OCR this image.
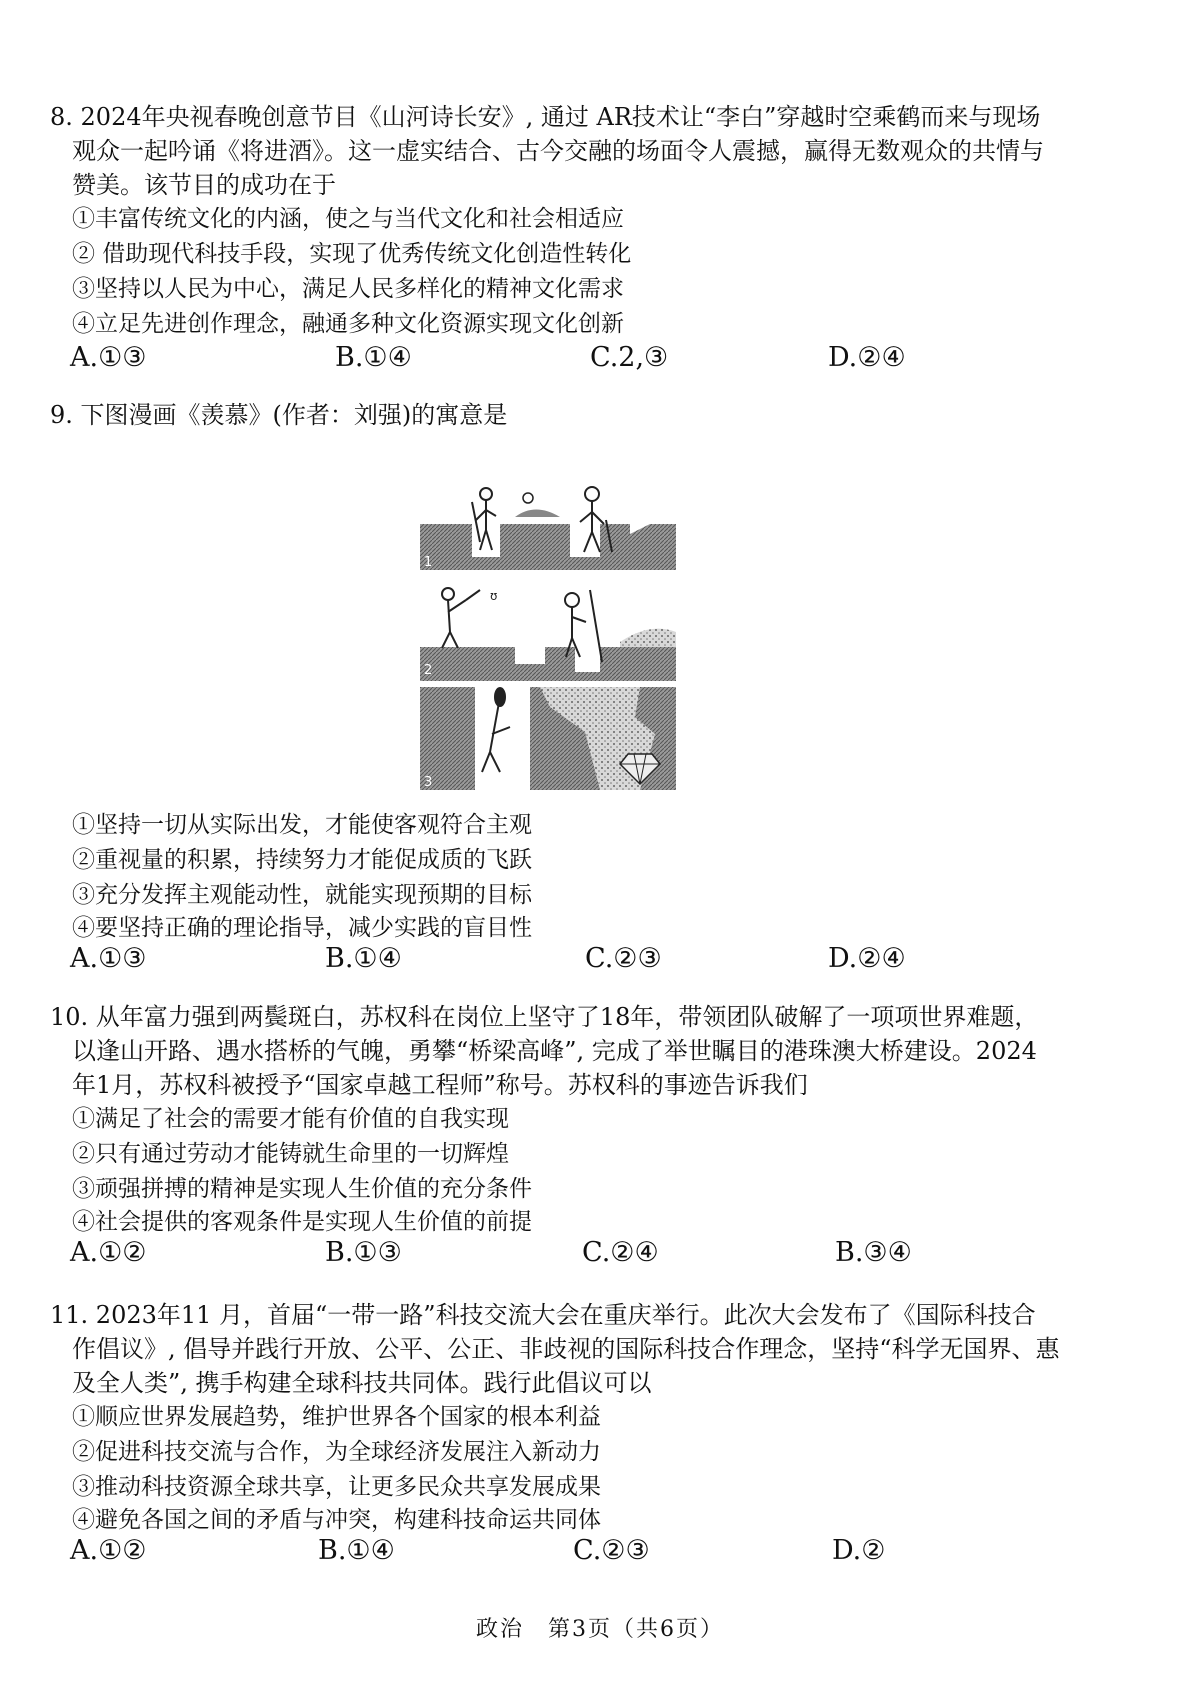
8. 2024年央视春晚创意节目《山河诗长安》, 通过 AR技术让“李白”穿越时空乘鹤而来与现场
观众一起吟诵《将进酒》。这一虚实结合、古今交融的场面令人震撼，赢得无数观众的共情与
赞美。该节目的成功在于
①丰富传统文化的内涵，使之与当代文化和社会相适应
② 借助现代科技手段，实现了优秀传统文化创造性转化
③坚持以人民为中心，满足人民多样化的精神文化需求
④立足先进创作理念，融通多种文化资源实现文化创新
A.①③	B.①④	C.2,③	D.②④
9. 下图漫画《羡慕》(作者：刘强)的寓意是
1
ʊ
2
3
①坚持一切从实际出发，才能使客观符合主观
②重视量的积累，持续努力才能促成质的飞跃
③充分发挥主观能动性，就能实现预期的目标
④要坚持正确的理论指导，减少实践的盲目性
A.①③	B.①④	C.②③	D.②④
10. 从年富力强到两鬓斑白，苏权科在岗位上坚守了18年，带领团队破解了一项项世界难题，
以逢山开路、遇水搭桥的气魄，勇攀“桥梁高峰”, 完成了举世瞩目的港珠澳大桥建设。2024
年1月，苏权科被授予“国家卓越工程师”称号。苏权科的事迹告诉我们
①满足了社会的需要才能有价值的自我实现
②只有通过劳动才能铸就生命里的一切辉煌
③顽强拼搏的精神是实现人生价值的充分条件
④社会提供的客观条件是实现人生价值的前提
A.①②	B.①③	C.②④	B.③④
11. 2023年11 月，首届“一带一路”科技交流大会在重庆举行。此次大会发布了《国际科技合
作倡议》, 倡导并践行开放、公平、公正、非歧视的国际科技合作理念，坚持“科学无国界、惠
及全人类”, 携手构建全球科技共同体。践行此倡议可以
①顺应世界发展趋势，维护世界各个国家的根本利益
②促进科技交流与合作，为全球经济发展注入新动力
③推动科技资源全球共享，让更多民众共享发展成果
④避免各国之间的矛盾与冲突，构建科技命运共同体
A.①②	B.①④	C.②③	D.②
政治　第3页（共6页）
